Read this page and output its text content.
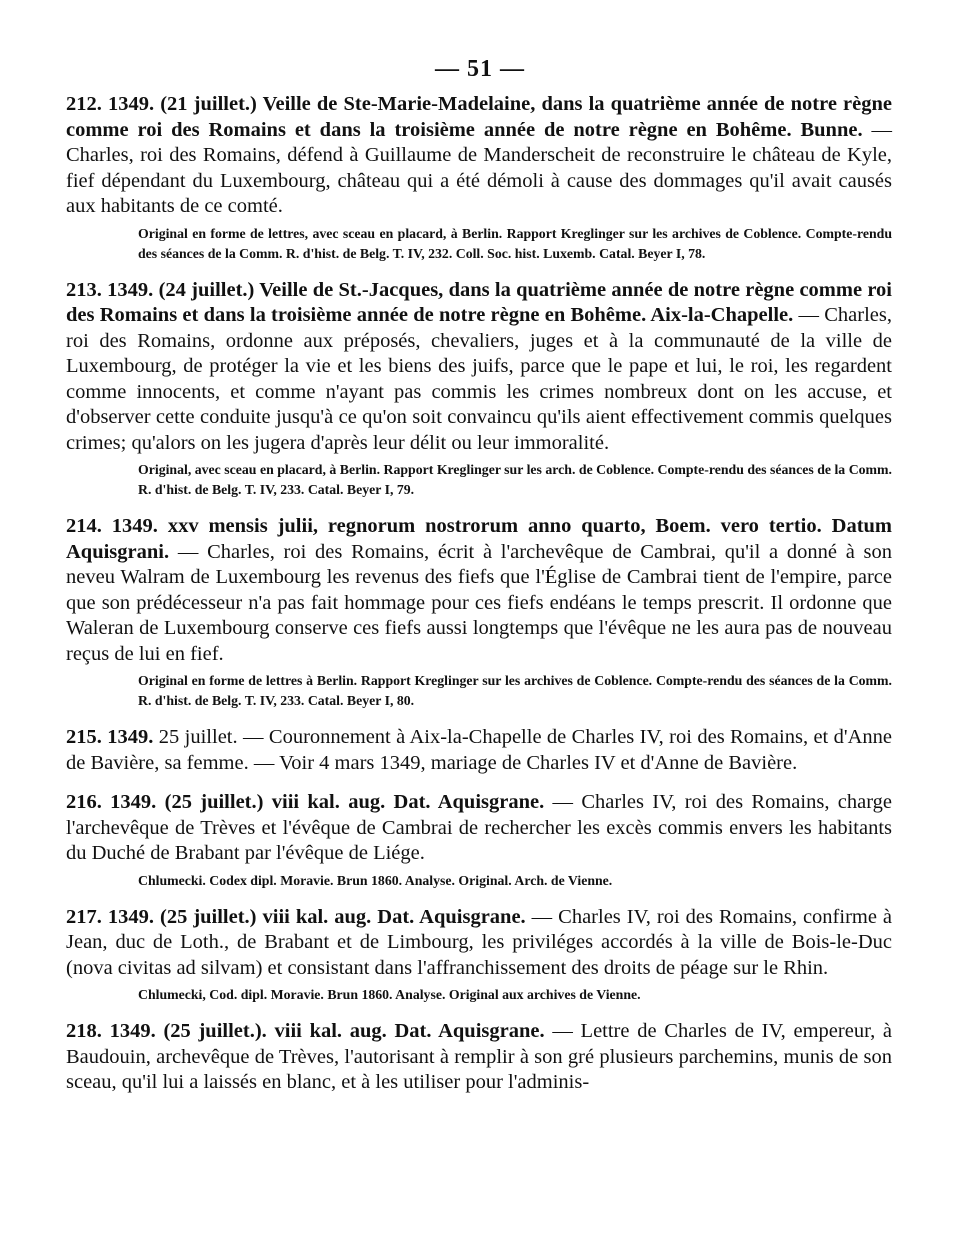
— 51 —

212. 1349. (21 juillet.) Veille de Ste-Marie-Madelaine, dans la quatrième année de notre règne comme roi des Romains et dans la troisième année de notre règne en Bohême. Bunne. — Charles, roi des Romains, défend à Guillaume de Manderscheit de reconstruire le château de Kyle, fief dépendant du Luxembourg, château qui a été démoli à cause des dommages qu'il avait causés aux habitants de ce comté.

Original en forme de lettres, avec sceau en placard, à Berlin. Rapport Kreglinger sur les archives de Coblence. Compte-rendu des séances de la Comm. R. d'hist. de Belg. T. IV, 232. Coll. Soc. hist. Luxemb. Catal. Beyer I, 78.

213. 1349. (24 juillet.) Veille de St.-Jacques, dans la quatrième année de notre règne comme roi des Romains et dans la troisième année de notre règne en Bohême. Aix-la-Chapelle. — Charles, roi des Romains, ordonne aux préposés, chevaliers, juges et à la communauté de la ville de Luxembourg, de protéger la vie et les biens des juifs, parce que le pape et lui, le roi, les regardent comme innocents, et comme n'ayant pas commis les crimes nombreux dont on les accuse, et d'observer cette conduite jusqu'à ce qu'on soit convaincu qu'ils aient effectivement commis quelques crimes; qu'alors on les jugera d'après leur délit ou leur immoralité.

Original, avec sceau en placard, à Berlin. Rapport Kreglinger sur les arch. de Coblence. Compte-rendu des séances de la Comm. R. d'hist. de Belg. T. IV, 233. Catal. Beyer I, 79.

214. 1349. xxv mensis julii, regnorum nostrorum anno quarto, Boem. vero tertio. Datum Aquisgrani. — Charles, roi des Romains, écrit à l'archevêque de Cambrai, qu'il a donné à son neveu Walram de Luxembourg les revenus des fiefs que l'Église de Cambrai tient de l'empire, parce que son prédécesseur n'a pas fait hommage pour ces fiefs endéans le temps prescrit. Il ordonne que Waleran de Luxembourg conserve ces fiefs aussi longtemps que l'évêque ne les aura pas de nouveau reçus de lui en fief.

Original en forme de lettres à Berlin. Rapport Kreglinger sur les archives de Coblence. Compte-rendu des séances de la Comm. R. d'hist. de Belg. T. IV, 233. Catal. Beyer I, 80.

215. 1349. 25 juillet. — Couronnement à Aix-la-Chapelle de Charles IV, roi des Romains, et d'Anne de Bavière, sa femme. — Voir 4 mars 1349, mariage de Charles IV et d'Anne de Bavière.

216. 1349. (25 juillet.) viii kal. aug. Dat. Aquisgrane. — Charles IV, roi des Romains, charge l'archevêque de Trèves et l'évêque de Cambrai de rechercher les excès commis envers les habitants du Duché de Brabant par l'évêque de Liége.

Chlumecki. Codex dipl. Moravie. Brun 1860. Analyse. Original. Arch. de Vienne.

217. 1349. (25 juillet.) viii kal. aug. Dat. Aquisgrane. — Charles IV, roi des Romains, confirme à Jean, duc de Loth., de Brabant et de Limbourg, les priviléges accordés à la ville de Bois-le-Duc (nova civitas ad silvam) et consistant dans l'affranchissement des droits de péage sur le Rhin.

Chlumecki, Cod. dipl. Moravie. Brun 1860. Analyse. Original aux archives de Vienne.

218. 1349. (25 juillet.). viii kal. aug. Dat. Aquisgrane. — Lettre de Charles de IV, empereur, à Baudouin, archevêque de Trèves, l'autorisant à remplir à son gré plusieurs parchemins, munis de son sceau, qu'il lui a laissés en blanc, et à les utiliser pour l'adminis-
